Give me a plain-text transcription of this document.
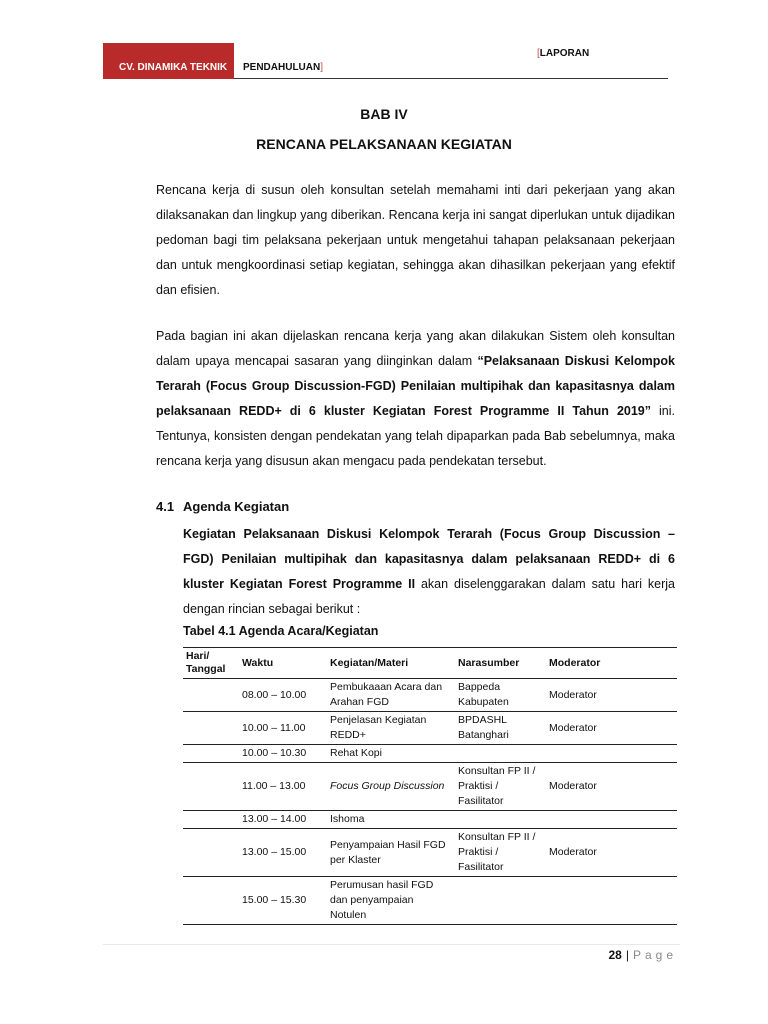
CV. DINAMIKA TEKNIK	PENDAHULUAN]
[LAPORAN
BAB IV
RENCANA PELAKSANAAN KEGIATAN
Rencana kerja di susun oleh konsultan setelah memahami inti dari pekerjaan yang akan dilaksanakan dan lingkup yang diberikan. Rencana kerja ini sangat diperlukan untuk dijadikan pedoman bagi tim pelaksana pekerjaan untuk mengetahui tahapan pelaksanaan pekerjaan dan untuk mengkoordinasi setiap kegiatan, sehingga akan dihasilkan pekerjaan yang efektif dan efisien.
Pada bagian ini akan dijelaskan rencana kerja yang akan dilakukan Sistem oleh konsultan dalam upaya mencapai sasaran yang diinginkan dalam “Pelaksanaan Diskusi Kelompok Terarah (Focus Group Discussion-FGD) Penilaian multipihak dan kapasitasnya dalam pelaksanaan REDD+ di 6 kluster Kegiatan Forest Programme II Tahun 2019” ini. Tentunya, konsisten dengan pendekatan yang telah dipaparkan pada Bab sebelumnya, maka rencana kerja yang disusun akan mengacu pada pendekatan tersebut.
4.1 Agenda Kegiatan
Kegiatan Pelaksanaan Diskusi Kelompok Terarah (Focus Group Discussion – FGD) Penilaian multipihak dan kapasitasnya dalam pelaksanaan REDD+ di 6 kluster Kegiatan Forest Programme II akan diselenggarakan dalam satu hari kerja dengan rincian sebagai berikut :
Tabel 4.1 Agenda Acara/Kegiatan
Hari/ Tanggal	Waktu	Kegiatan/Materi	Narasumber	Moderator
	08.00 – 10.00	Pembukaaan Acara dan Arahan FGD	Bappeda Kabupaten	Moderator
	10.00 – 11.00	Penjelasan Kegiatan REDD+	BPDASHL Batanghari	Moderator
	10.00 – 10.30	Rehat Kopi		
	11.00 – 13.00	Focus Group Discussion	Konsultan FP II / Praktisi / Fasilitator	Moderator
	13.00 – 14.00	Ishoma		
	13.00 – 15.00	Penyampaian Hasil FGD per Klaster	Konsultan FP II / Praktisi / Fasilitator	Moderator
	15.00 – 15.30	Perumusan hasil FGD dan penyampaian Notulen		
28 | Page
